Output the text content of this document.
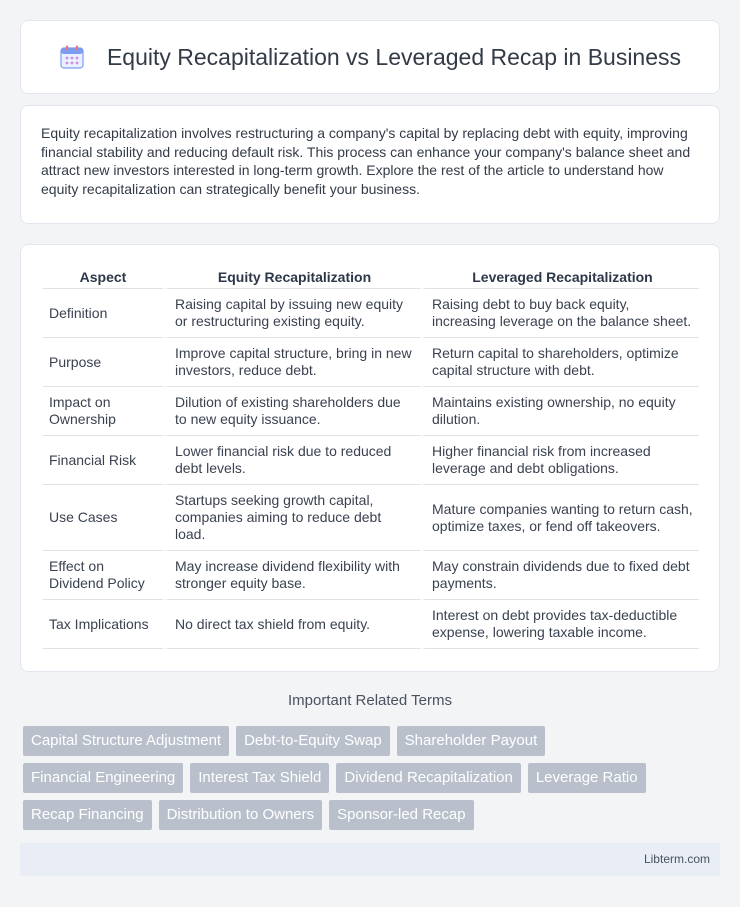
Equity Recapitalization vs Leveraged Recap in Business

Equity recapitalization involves restructuring a company's capital by replacing debt with equity, improving financial stability and reducing default risk. This process can enhance your company's balance sheet and attract new investors interested in long-term growth. Explore the rest of the article to understand how equity recapitalization can strategically benefit your business.

Aspect	Equity Recapitalization	Leveraged Recapitalization
Definition	Raising capital by issuing new equity or restructuring existing equity.	Raising debt to buy back equity, increasing leverage on the balance sheet.
Purpose	Improve capital structure, bring in new investors, reduce debt.	Return capital to shareholders, optimize capital structure with debt.
Impact on Ownership	Dilution of existing shareholders due to new equity issuance.	Maintains existing ownership, no equity dilution.
Financial Risk	Lower financial risk due to reduced debt levels.	Higher financial risk from increased leverage and debt obligations.
Use Cases	Startups seeking growth capital, companies aiming to reduce debt load.	Mature companies wanting to return cash, optimize taxes, or fend off takeovers.
Effect on Dividend Policy	May increase dividend flexibility with stronger equity base.	May constrain dividends due to fixed debt payments.
Tax Implications	No direct tax shield from equity.	Interest on debt provides tax-deductible expense, lowering taxable income.
Important Related Terms
Capital Structure Adjustment	Debt-to-Equity Swap	Shareholder Payout
Financial Engineering	Interest Tax Shield	Dividend Recapitalization	Leverage Ratio
Recap Financing	Distribution to Owners	Sponsor-led Recap
Libterm.com
